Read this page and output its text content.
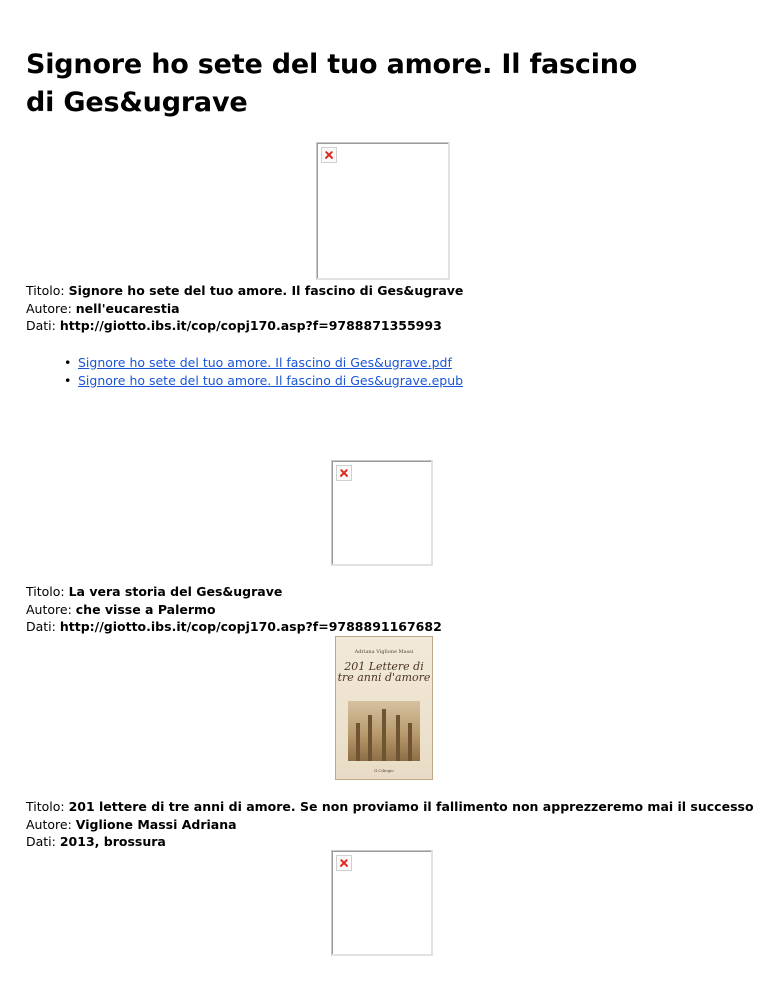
Signore ho sete del tuo amore. Il fascino di Ges&ugrave
Titolo: Signore ho sete del tuo amore. Il fascino di Ges&ugrave
Autore: nell'eucarestia
Dati: http://giotto.ibs.it/cop/copj170.asp?f=9788871355993
• Signore ho sete del tuo amore. Il fascino di Ges&ugrave.pdf
• Signore ho sete del tuo amore. Il fascino di Ges&ugrave.epub
Titolo: La vera storia del Ges&ugrave
Autore: che visse a Palermo
Dati: http://giotto.ibs.it/cop/copj170.asp?f=9788891167682
Adriana Viglione Massi
201 Lettere di tre anni d'amore
Il Ciliegio
Titolo: 201 lettere di tre anni di amore. Se non proviamo il fallimento non apprezzeremo mai il successo
Autore: Viglione Massi Adriana
Dati: 2013, brossura
